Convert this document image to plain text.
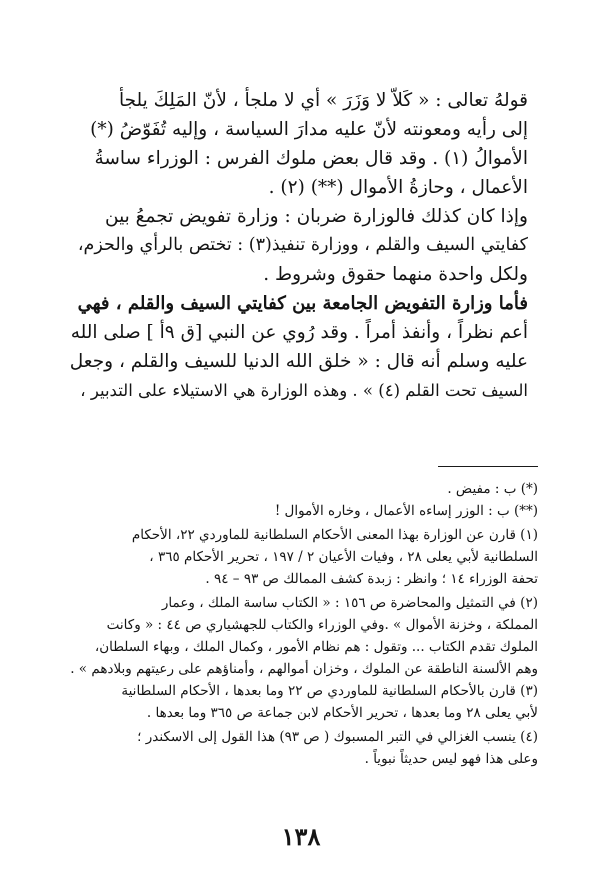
قولهُ تعالى : « كَلاّ لا وَزَرَ » أي لا ملجأ ، لأنّ المَلِكَ يلجأ
إلى رأيه ومعونته لأنّ عليه مدارَ السياسة ، وإليه تُفَوّضُ (*)
الأموالُ (١) . وقد قال بعض ملوك الفرس : الوزراء ساسةُ
الأعمال ، وحازةُ الأموال (**) (٢) .
وإذا كان كذلك فالوزارة ضربان : وزارة تفويض تجمعُ بين
كفايتي السيف والقلم ، ووزارة تنفيذ(٣) : تختص بالرأي والحزم،
ولكل واحدة منهما حقوق وشروط .
فأما وزارة التفويض الجامعة بين كفايتي السيف والقلم ، فهي
أعم نظراً ، وأنفذ أمراً . وقد رُوي عن النبي [ق ٩أ ] صلى الله
عليه وسلم أنه قال : « خلق الله الدنيا للسيف والقلم ، وجعل
السيف تحت القلم (٤) » . وهذه الوزارة هي الاستيلاء على التدبير ،
(*) ب : مفيض .
(**) ب : الوزر إساءه الأعمال ، وخاره الأموال !
(١) قارن عن الوزارة بهذا المعنى الأحكام السلطانية للماوردي ٢٢، الأحكام
السلطانية لأبي يعلى ٢٨ ، وفيات الأعيان ٢ / ١٩٧ ، تحرير الأحكام ٣٦٥ ،
تحفة الوزراء ١٤ ؛ وانظر : زبدة كشف الممالك ص ٩٣ – ٩٤ .
(٢) في التمثيل والمحاضرة ص ١٥٦ : « الكتاب ساسة الملك ، وعمار
المملكة ، وخزنة الأموال » .وفي الوزراء والكتاب للجهشياري ص ٤٤ : « وكانت
الملوك تقدم الكتاب ... وتقول : هم نظام الأمور ، وكمال الملك ، وبهاء السلطان،
وهم الألسنة الناطقة عن الملوك ، وخزان أموالهم ، وأمناؤهم على رعيتهم وبلادهم » .
(٣) قارن بالأحكام السلطانية للماوردي ص ٢٢ وما بعدها ، الأحكام السلطانية
لأبي يعلى ٢٨ وما بعدها ، تحرير الأحكام لابن جماعة ص ٣٦٥ وما بعدها .
(٤) ينسب الغزالي في التبر المسبوك ( ص ٩٣) هذا القول إلى الاسكندر ؛
وعلى هذا فهو ليس حديثاً نبوياً .
١٣٨
